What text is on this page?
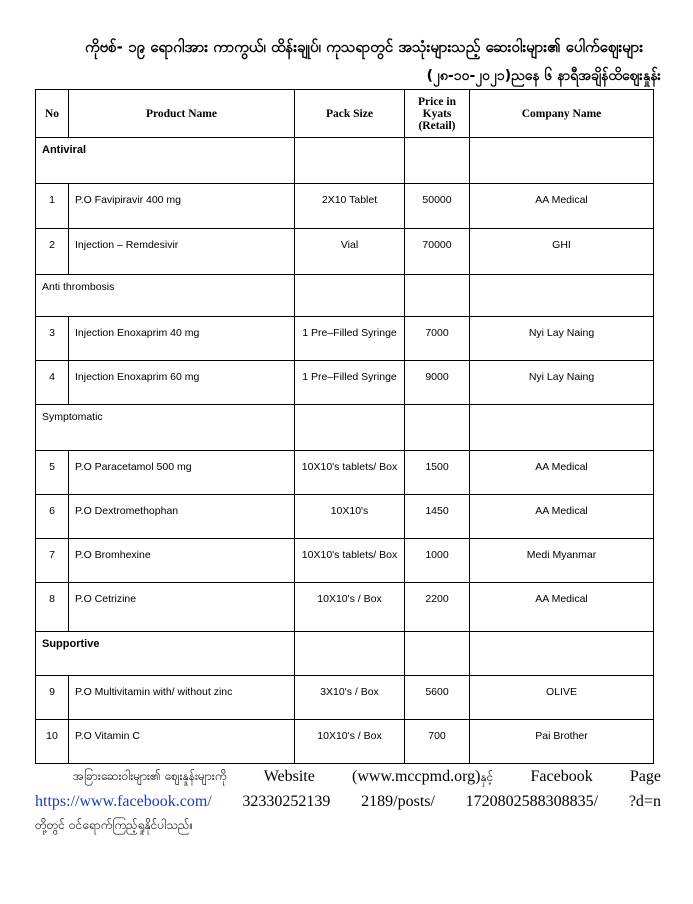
ကိုဗစ်- ၁၉ ရောဂါအား ကာကွယ်၊ ထိန်းချုပ်၊ ကုသရာတွင် အသုံးများသည့် ဆေးဝါးများ၏ ပေါက်ဈေးများ
(၂၈-၁၀-၂၀၂၁)ညနေ ၆ နာရီအချိန်ထိဈေးနှုန်း
No	Product Name	Pack Size	Price in Kyats (Retail)	Company Name
Antiviral				
1	P.O Favipiravir 400 mg	2X10 Tablet	50000	AA Medical
2	Injection – Remdesivir	Vial	70000	GHI
Anti thrombosis				
3	Injection Enoxaprim 40 mg	1 Pre–Filled Syringe	7000	Nyi Lay Naing
4	Injection Enoxaprim 60 mg	1 Pre–Filled Syringe	9000	Nyi Lay Naing
Symptomatic				
5	P.O Paracetamol 500 mg	10X10's tablets/ Box	1500	AA Medical
6	P.O Dextromethophan	10X10's	1450	AA Medical
7	P.O Bromhexine	10X10's tablets/ Box	1000	Medi Myanmar
8	P.O Cetrizine	10X10's / Box	2200	AA Medical
Supportive				
9	P.O Multivitamin with/ without zinc	3X10's / Box	5600	OLIVE
10	P.O Vitamin C	10X10's / Box	700	Pai Brother
အခြားဆေးဝါးများ၏ ဈေးနှုန်းများကို Website (www.mccpmd.org)နှင့် Facebook Page
https://www.facebook.com/ 32330252139 2189/posts/ 1720802588308835/ ?d=n
တို့တွင် ဝင်ရောက်ကြည့်ရှုနိုင်ပါသည်။
